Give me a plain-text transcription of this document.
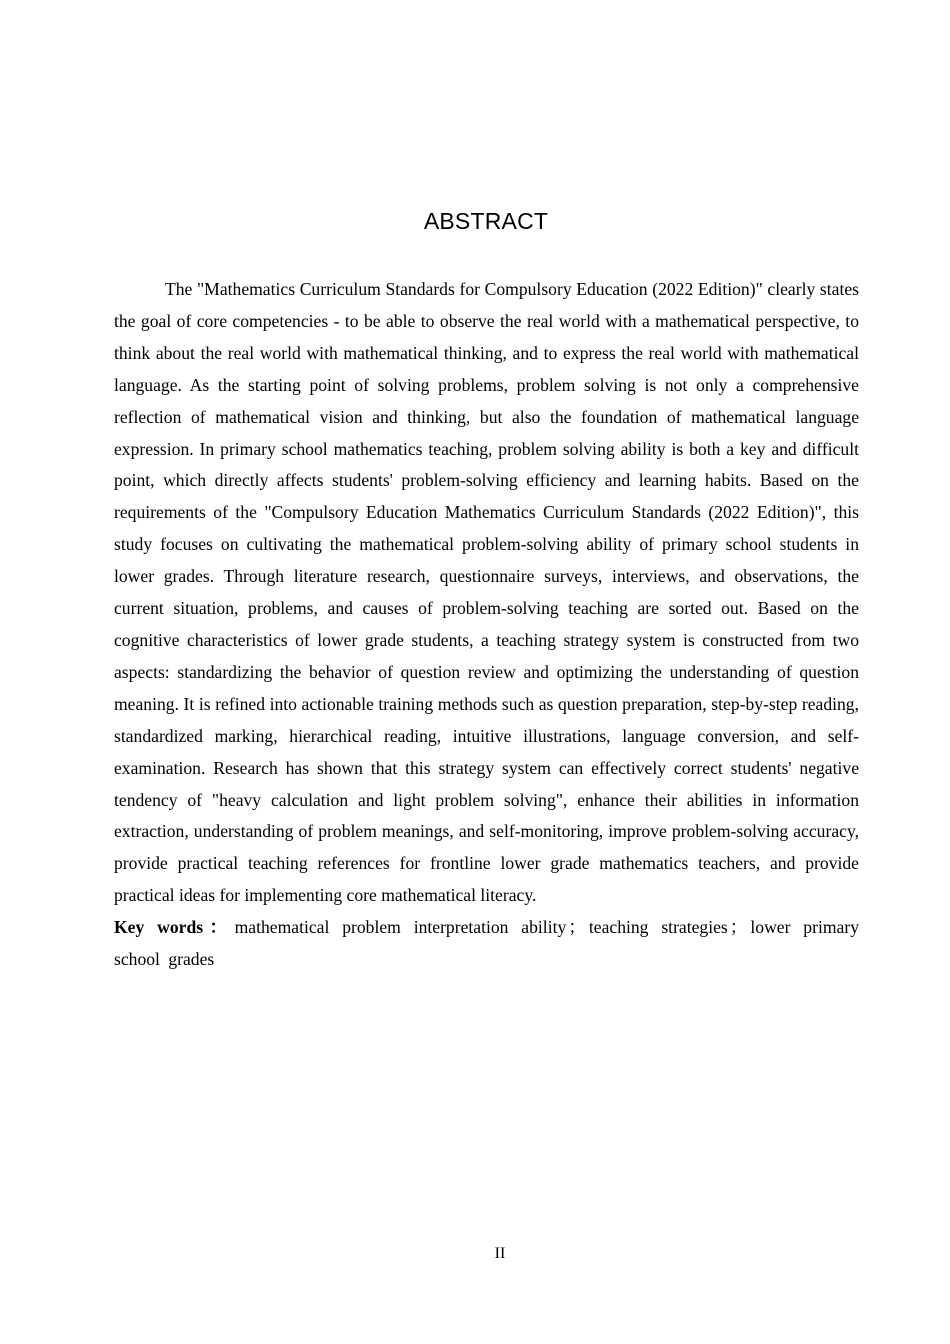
ABSTRACT

The "Mathematics Curriculum Standards for Compulsory Education (2022 Edition)" clearly states the goal of core competencies - to be able to observe the real world with a mathematical perspective, to think about the real world with mathematical thinking, and to express the real world with mathematical language. As the starting point of solving problems, problem solving is not only a comprehensive reflection of mathematical vision and thinking, but also the foundation of mathematical language expression. In primary school mathematics teaching, problem solving ability is both a key and difficult point, which directly affects students' problem-solving efficiency and learning habits. Based on the requirements of the "Compulsory Education Mathematics Curriculum Standards (2022 Edition)", this study focuses on cultivating the mathematical problem-solving ability of primary school students in lower grades. Through literature research, questionnaire surveys, interviews, and observations, the current situation, problems, and causes of problem-solving teaching are sorted out. Based on the cognitive characteristics of lower grade students, a teaching strategy system is constructed from two aspects: standardizing the behavior of question review and optimizing the understanding of question meaning. It is refined into actionable training methods such as question preparation, step-by-step reading, standardized marking, hierarchical reading, intuitive illustrations, language conversion, and self-examination. Research has shown that this strategy system can effectively correct students' negative tendency of "heavy calculation and light problem solving", enhance their abilities in information extraction, understanding of problem meanings, and self-monitoring, improve problem-solving accuracy, provide practical teaching references for frontline lower grade mathematics teachers, and provide practical ideas for implementing core mathematical literacy.

Key words ： mathematical problem interpretation ability ； teaching strategies ； lower primary school grades

II
